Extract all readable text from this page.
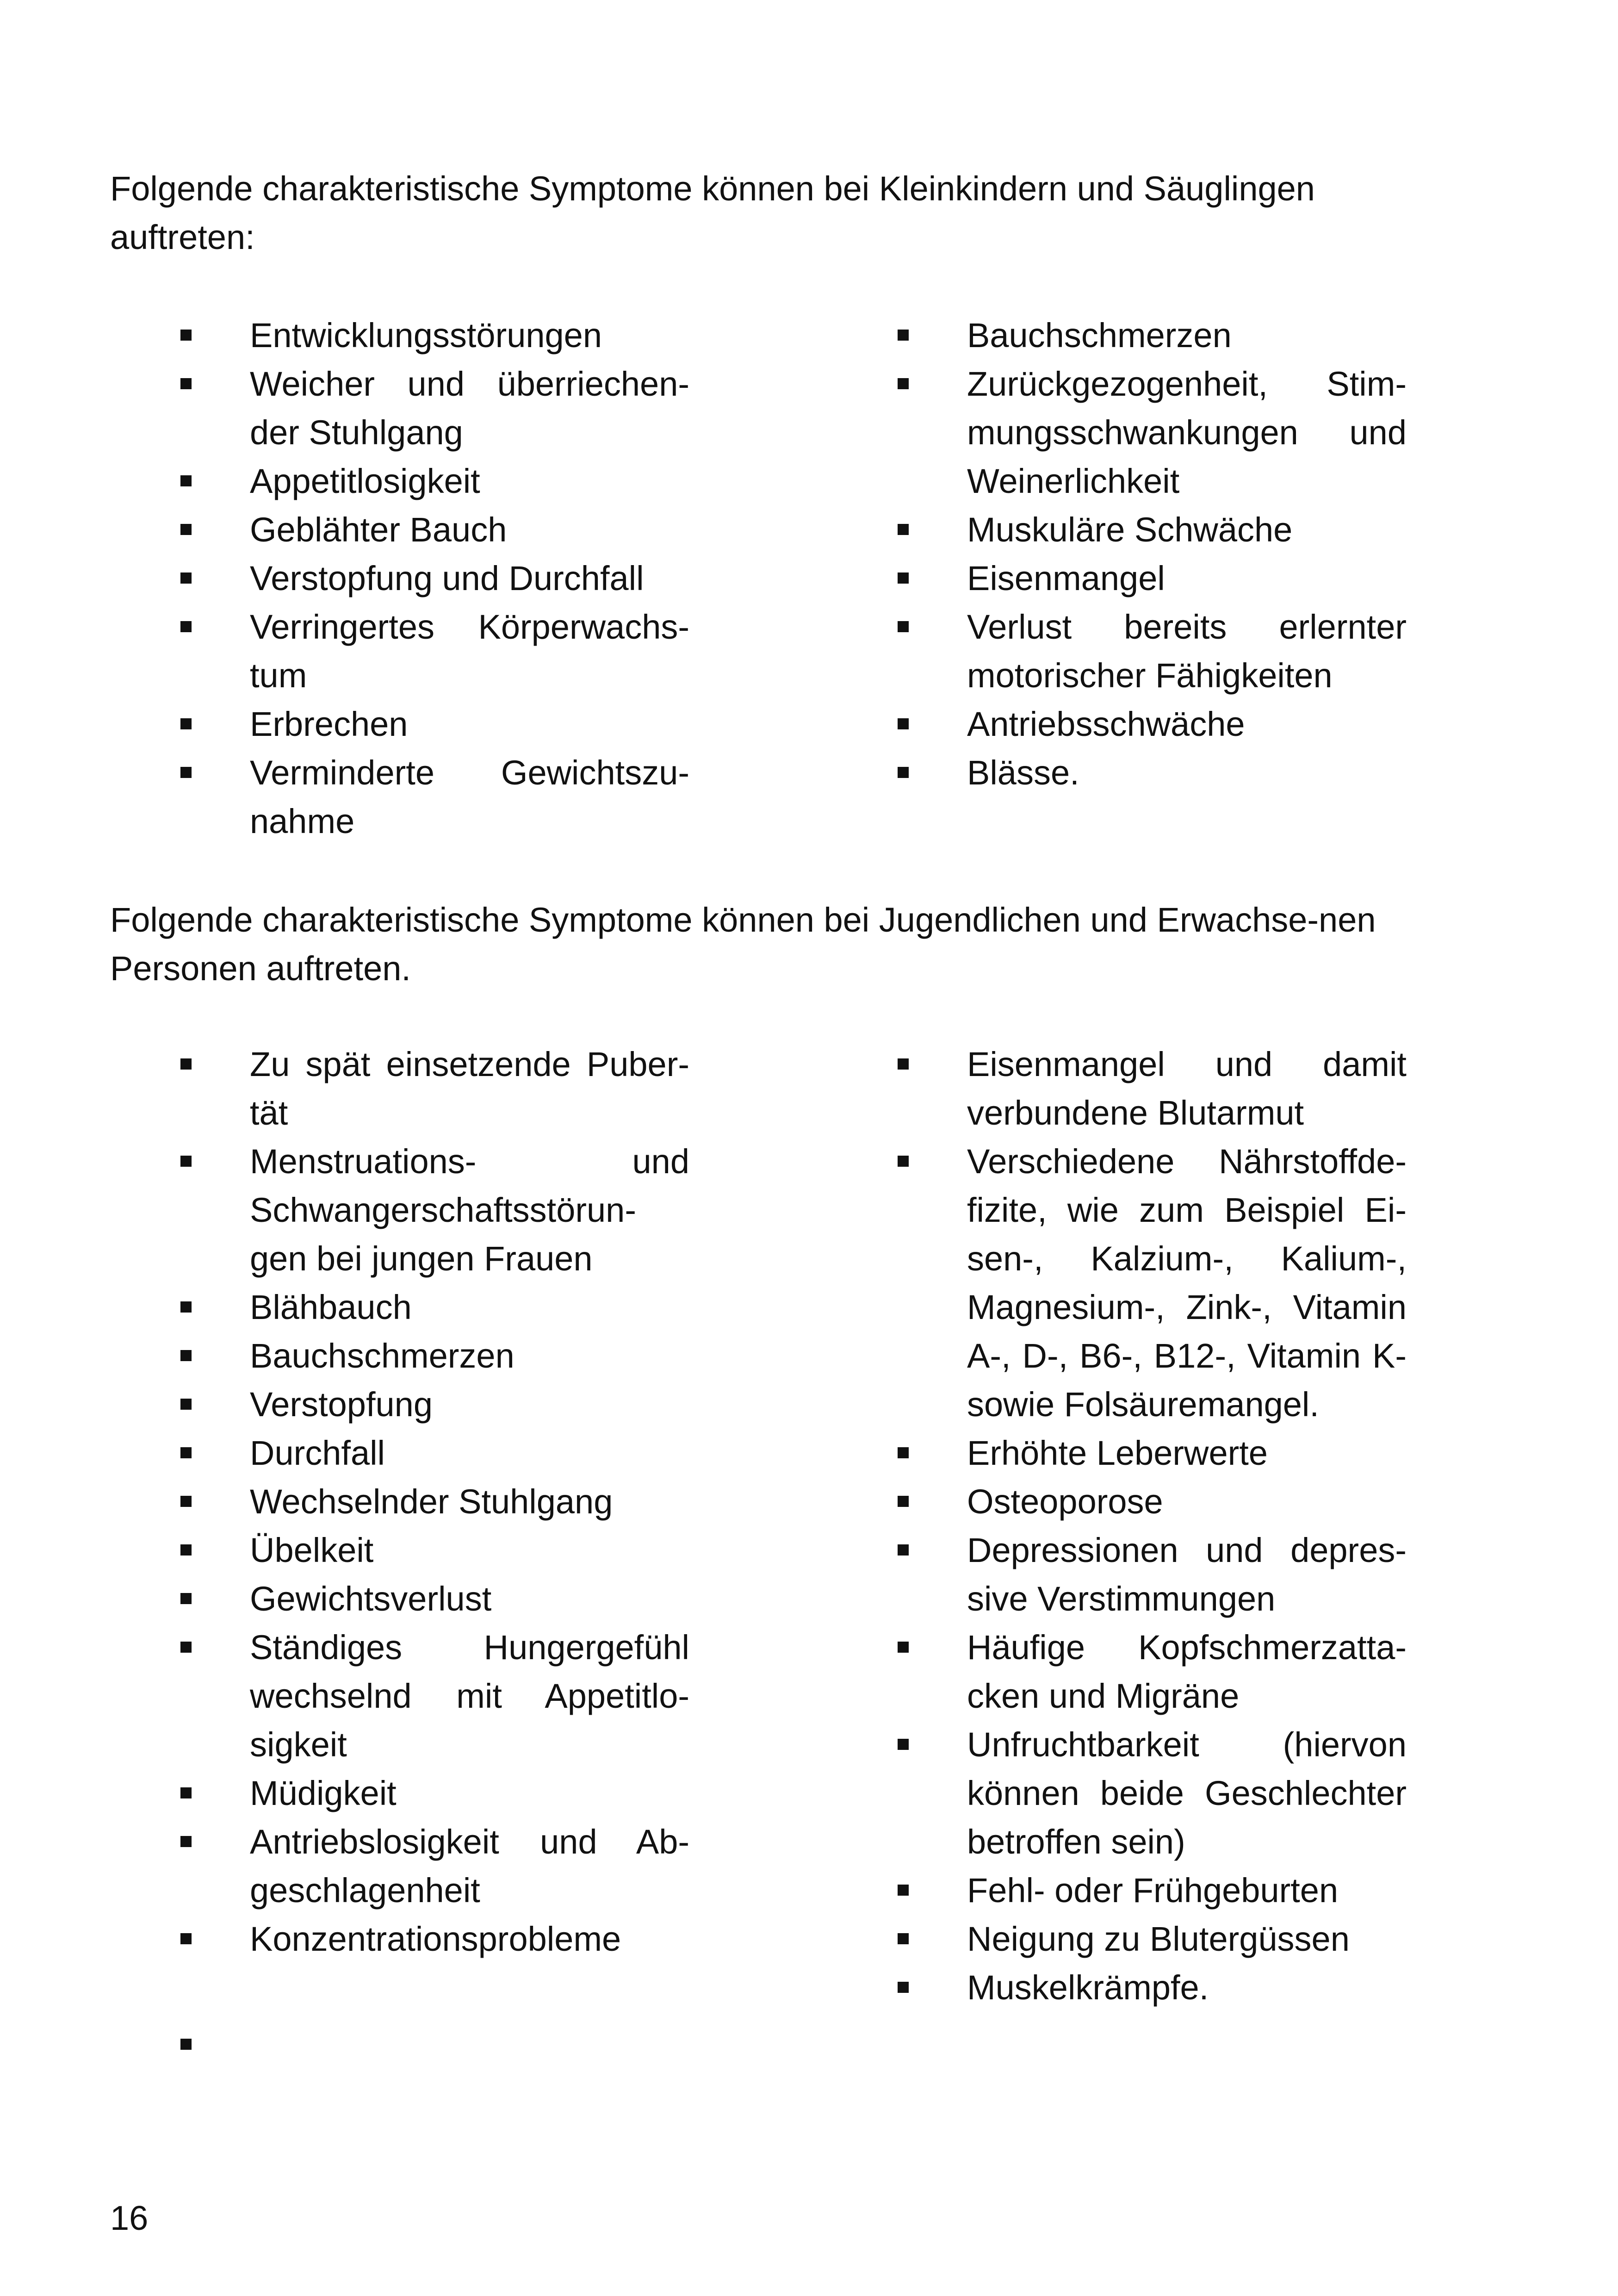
Folgende charakteristische Symptome können bei Kleinkindern und Säuglingen auftreten:

Entwicklungsstörungen
Weicher und überriechen-der Stuhlgang
Appetitlosigkeit
Geblähter Bauch
Verstopfung und Durchfall
Verringertes Körperwachs-tum
Erbrechen
Verminderte Gewichtszu-nahme
Bauchschmerzen
Zurückgezogenheit, Stim-mungsschwankungen und Weinerlichkeit
Muskuläre Schwäche
Eisenmangel
Verlust bereits erlernter motorischer Fähigkeiten
Antriebsschwäche
Blässe.

Folgende charakteristische Symptome können bei Jugendlichen und Erwachse-nen Personen auftreten.

Zu spät einsetzende Puber-tät
Menstruations- und Schwangerschaftsstörun-gen bei jungen Frauen
Blähbauch
Bauchschmerzen
Verstopfung
Durchfall
Wechselnder Stuhlgang
Übelkeit
Gewichtsverlust
Ständiges Hungergefühl wechselnd mit Appetitlo-sigkeit
Müdigkeit
Antriebslosigkeit und Ab-geschlagenheit
Konzentrationsprobleme
Eisenmangel und damit verbundene Blutarmut
Verschiedene Nährstoffde-fizite, wie zum Beispiel Ei-sen-, Kalzium-, Kalium-, Magnesium-, Zink-, Vitamin A-, D-, B6-, B12-, Vitamin K- sowie Folsäuremangel.
Erhöhte Leberwerte
Osteoporose
Depressionen und depres-sive Verstimmungen
Häufige Kopfschmerzatta-cken und Migräne
Unfruchtbarkeit (hiervon können beide Geschlechter betroffen sein)
Fehl- oder Frühgeburten
Neigung zu Blutergüssen
Muskelkrämpfe.

16
